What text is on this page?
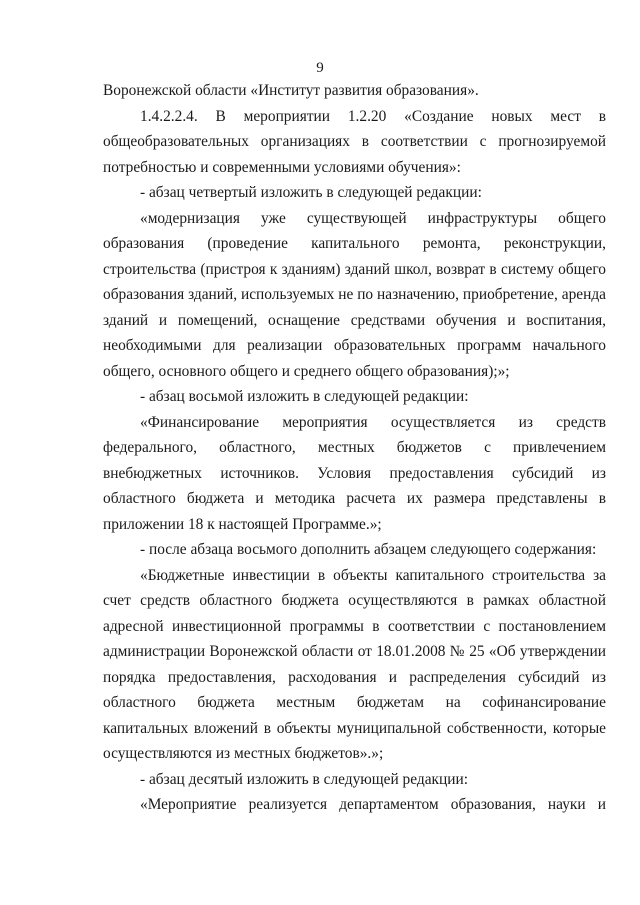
9

Воронежской области «Институт развития образования».

1.4.2.2.4. В мероприятии 1.2.20 «Создание новых мест в общеобразовательных организациях в соответствии с прогнозируемой потребностью и современными условиями обучения»:

- абзац четвертый изложить в следующей редакции:

«модернизация уже существующей инфраструктуры общего образования (проведение капитального ремонта, реконструкции, строительства (пристроя к зданиям) зданий школ, возврат в систему общего образования зданий, используемых не по назначению, приобретение, аренда зданий и помещений, оснащение средствами обучения и воспитания, необходимыми для реализации образовательных программ начального общего, основного общего и среднего общего образования);»;

- абзац восьмой изложить в следующей редакции:

«Финансирование мероприятия осуществляется из средств федерального, областного, местных бюджетов с привлечением внебюджетных источников. Условия предоставления субсидий из областного бюджета и методика расчета их размера представлены в приложении 18 к настоящей Программе.»;

- после абзаца восьмого дополнить абзацем следующего содержания:

«Бюджетные инвестиции в объекты капитального строительства за счет средств областного бюджета осуществляются в рамках областной адресной инвестиционной программы в соответствии с постановлением администрации Воронежской области от 18.01.2008 № 25 «Об утверждении порядка предоставления, расходования и распределения субсидий из областного бюджета местным бюджетам на софинансирование капитальных вложений в объекты муниципальной собственности, которые осуществляются из местных бюджетов».»;

- абзац десятый изложить в следующей редакции:

«Мероприятие реализуется департаментом образования, науки и
